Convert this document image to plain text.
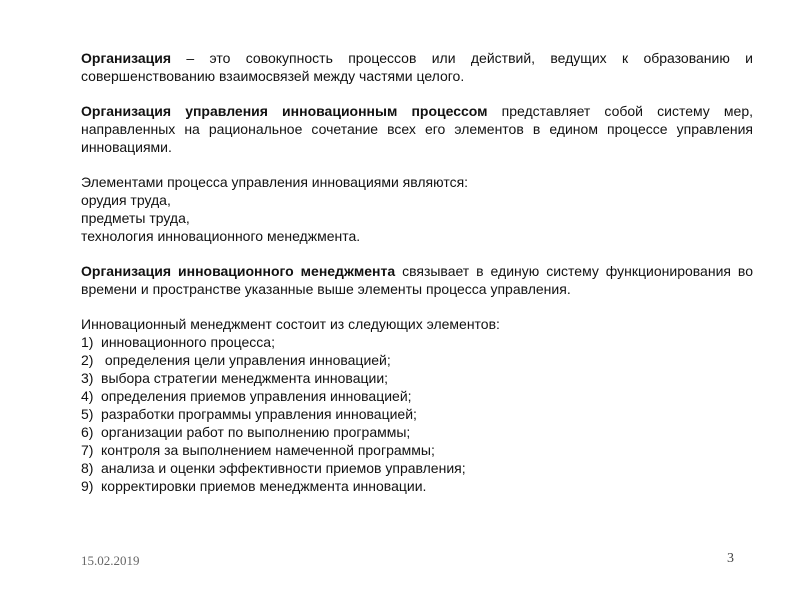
Организация – это совокупность процессов или действий, ведущих к образованию и совершенствованию взаимосвязей между частями целого.

Организация управления инновационным процессом представляет собой систему мер, направленных на рациональное сочетание всех его элементов в едином процессе управления инновациями.

Элементами процесса управления инновациями являются:

орудия труда,

предметы труда,

технология инновационного менеджмента.

Организация инновационного менеджмента связывает в единую систему функционирования во времени и пространстве указанные выше элементы процесса управления.

Инновационный менеджмент состоит из следующих элементов:

1) инновационного процесса;
2) определения цели управления инновацией;
3) выбора стратегии менеджмента инновации;
4) определения приемов управления инновацией;
5) разработки программы управления инновацией;
6) организации работ по выполнению программы;
7) контроля за выполнением намеченной программы;
8) анализа и оценки эффективности приемов управления;
9) корректировки приемов менеджмента инновации.
15.02.2019	3
